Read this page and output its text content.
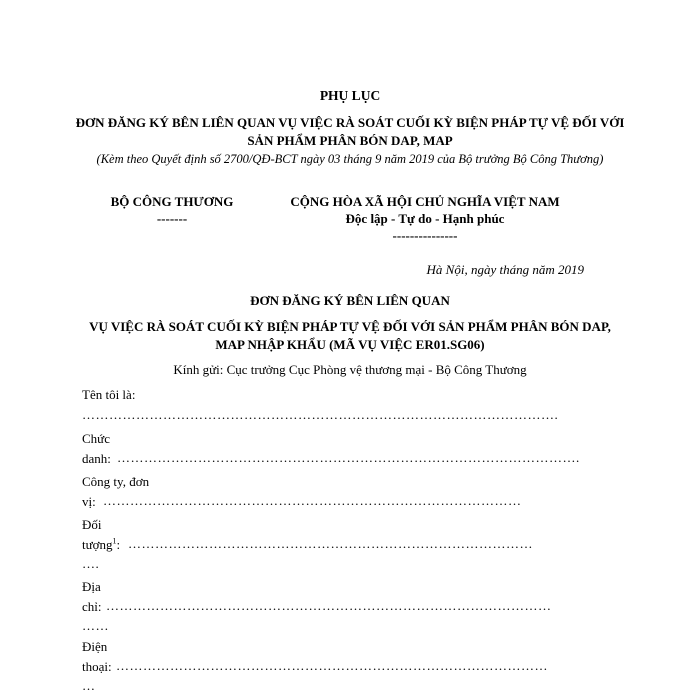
PHỤ LỤC
ĐƠN ĐĂNG KÝ BÊN LIÊN QUAN VỤ VIỆC RÀ SOÁT CUỐI KỲ BIỆN PHÁP TỰ VỆ ĐỐI VỚI SẢN PHẨM PHÂN BÓN DAP, MAP
(Kèm theo Quyết định số 2700/QĐ-BCT ngày 03 tháng 9 năm 2019 của Bộ trưởng Bộ Công Thương)
BỘ CÔNG THƯƠNG
-------
CỘNG HÒA XÃ HỘI CHỦ NGHĨA VIỆT NAM
Độc lập - Tự do - Hạnh phúc
---------------
Hà Nội, ngày tháng năm 2019
ĐƠN ĐĂNG KÝ BÊN LIÊN QUAN
VỤ VIỆC RÀ SOÁT CUỐI KỲ BIỆN PHÁP TỰ VỆ ĐỐI VỚI SẢN PHẨM PHÂN BÓN DAP, MAP NHẬP KHẨU (MÃ VỤ VIỆC ER01.SG06)
Kính gửi: Cục trưởng Cục Phòng vệ thương mại - Bộ Công Thương
Tên tôi là:
…………………………………………………………………………………………….
Chức
danh: ………………………………………………………………………………………….
Công ty, đơn
vị: …………………………………………………………………………………
Đối
tượng$^1$: ………………………………………………………………………………
….
Địa
chỉ: ………………………………………………………………………………………
……
Điện
thoại: ……………………………………………………………………………………
…
